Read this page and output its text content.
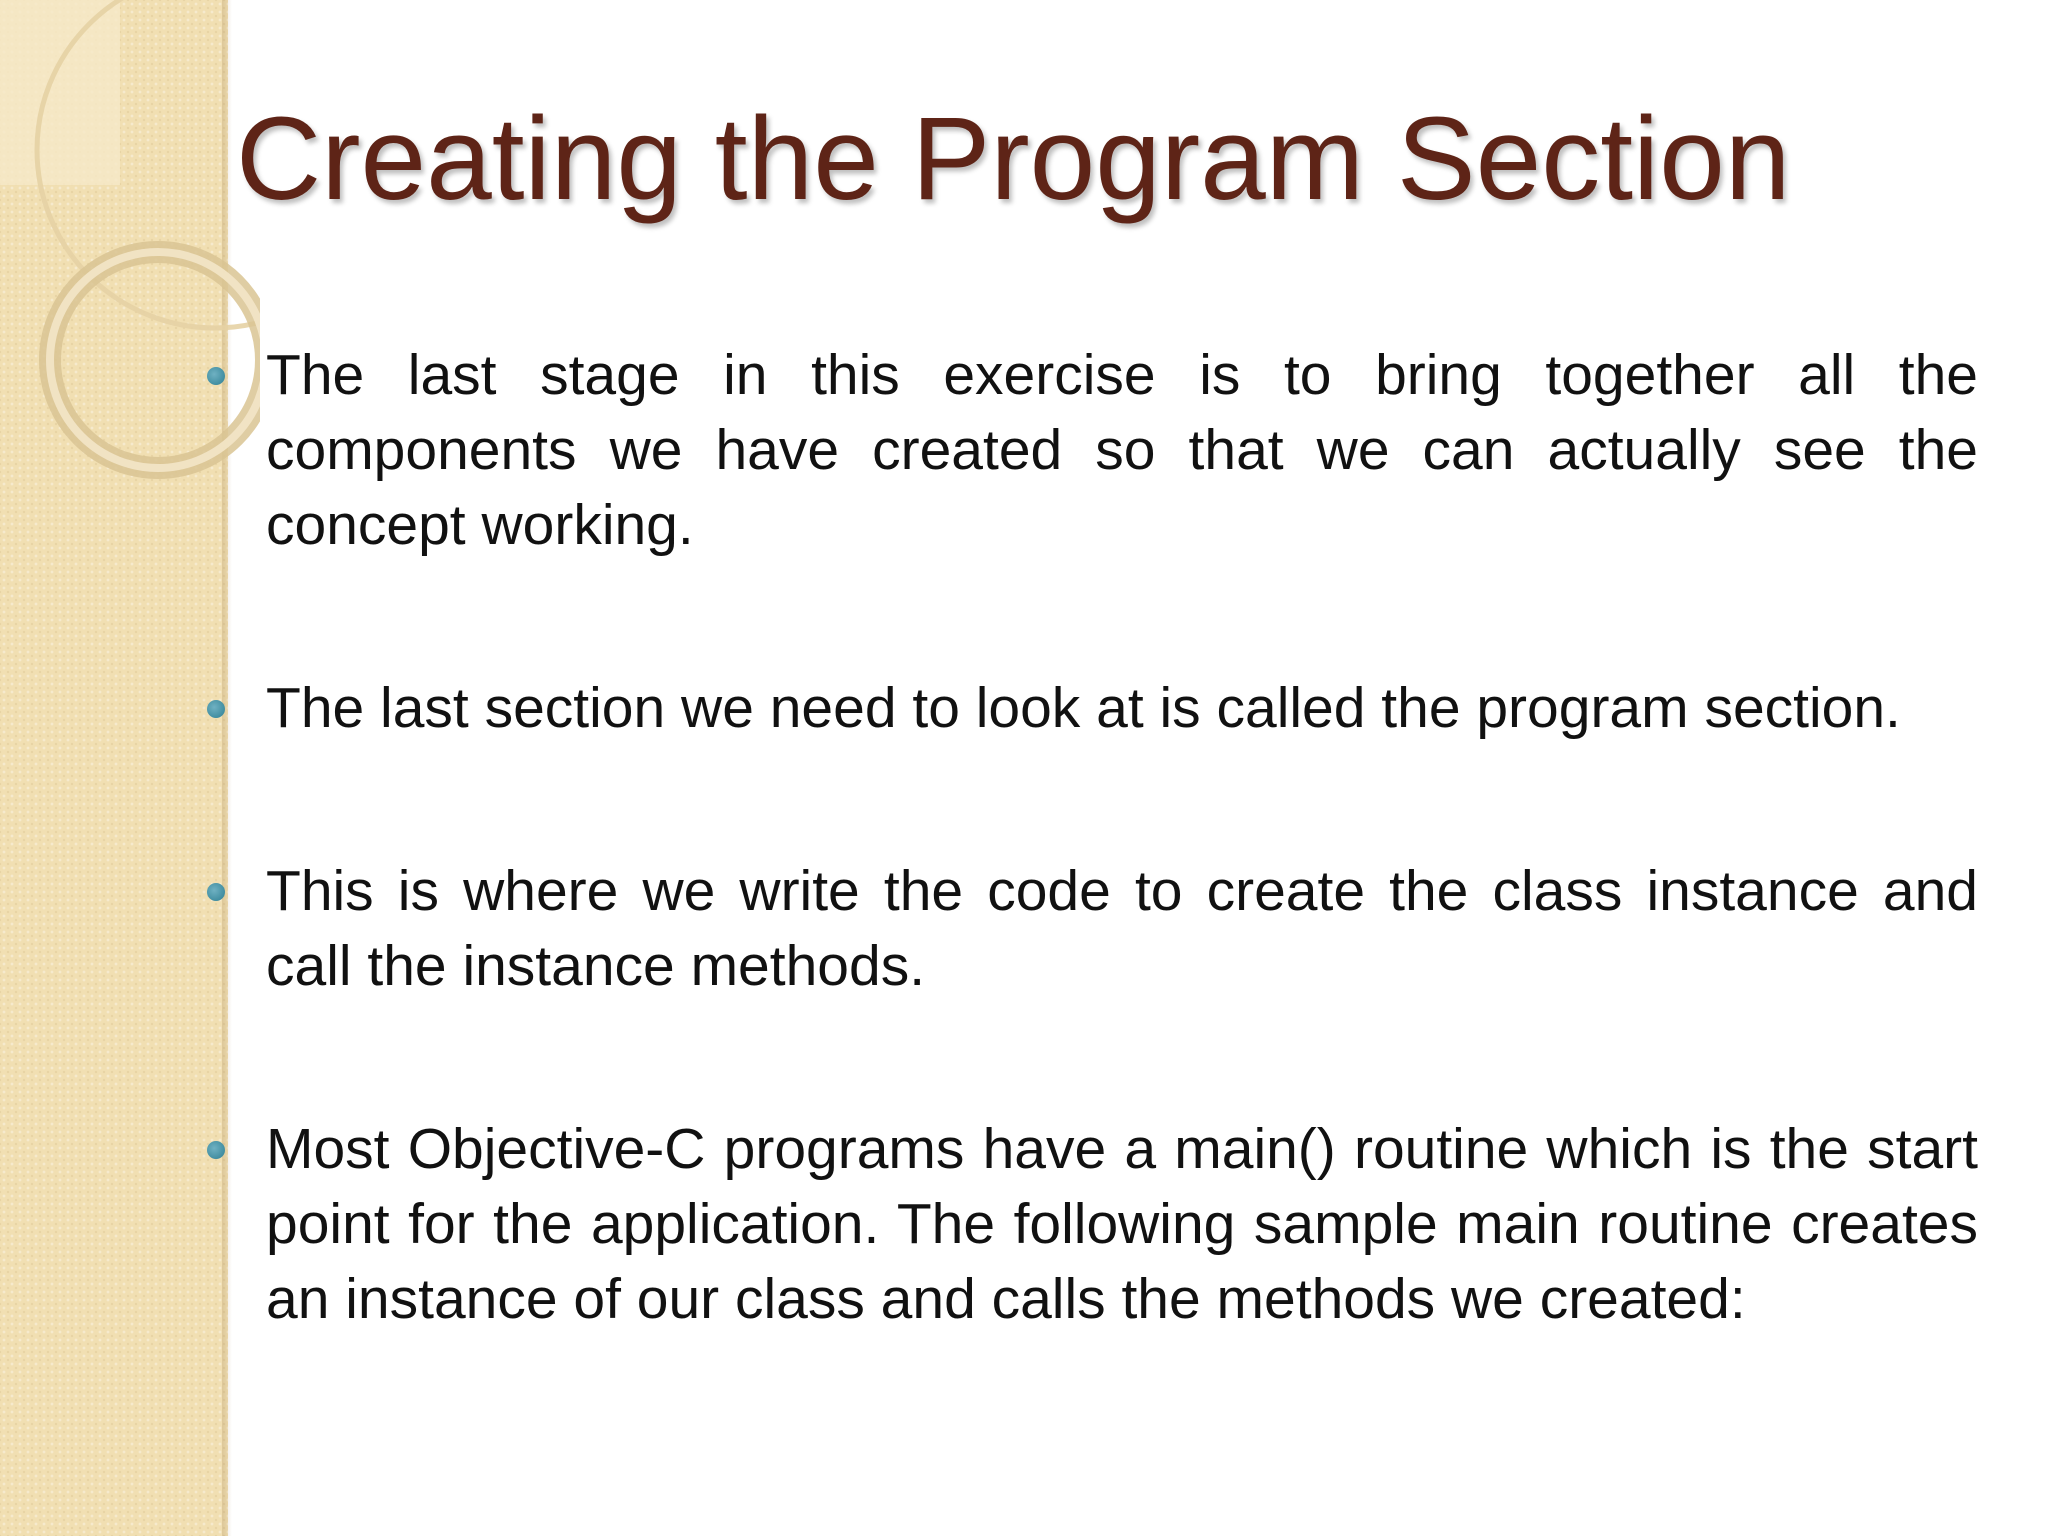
Creating the Program Section
The last stage in this exercise is to bring together all the components we have created so that we can actually see the concept working.
The last section we need to look at is called the program section.
This is where we write the code to create the class instance and call the instance methods.
Most Objective-C programs have a main() routine which is the start point for the application. The following sample main routine creates an instance of our class and calls the methods we created:
